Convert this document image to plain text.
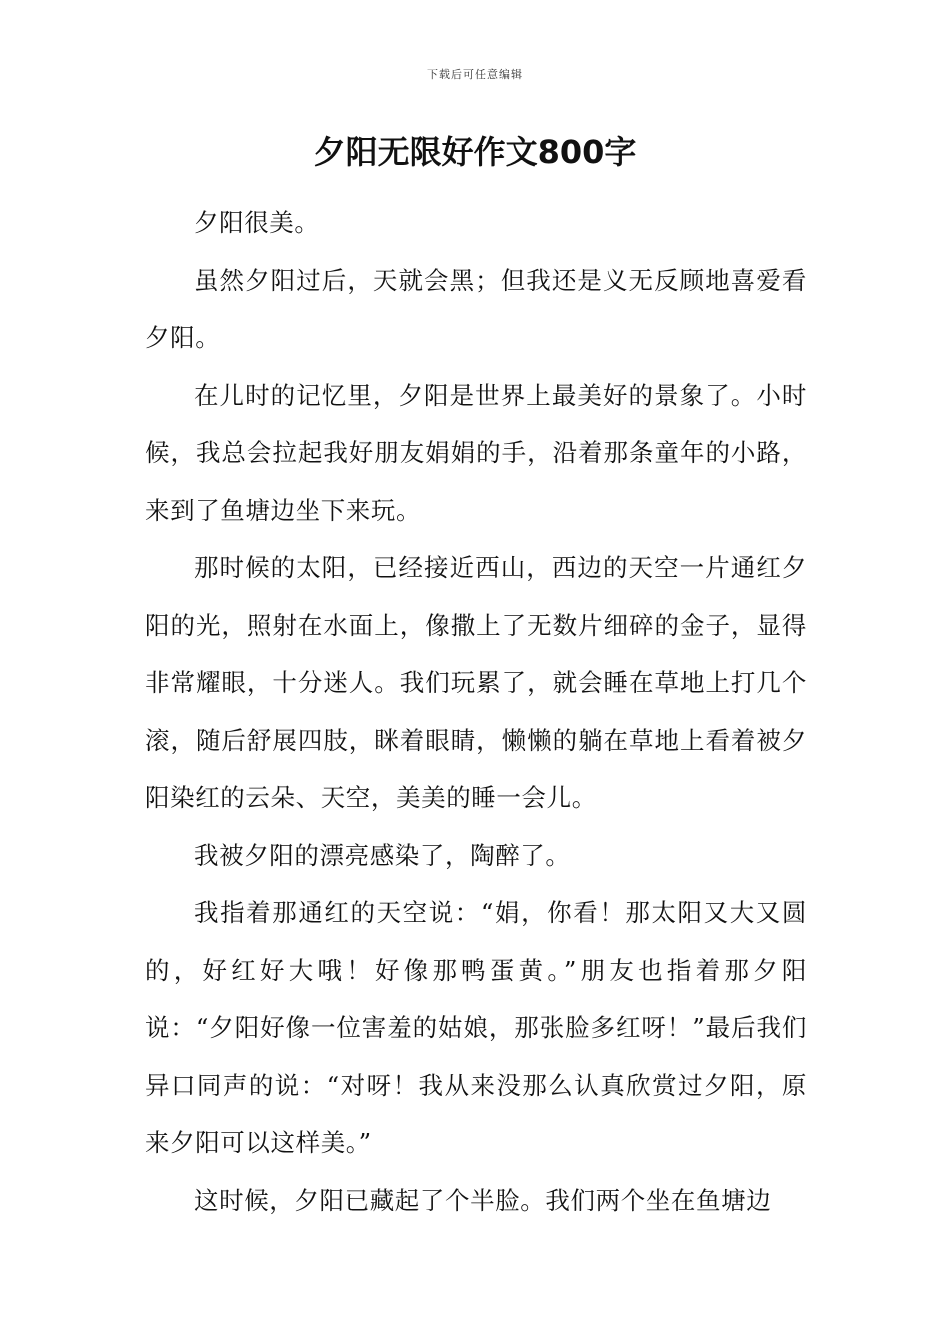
下载后可任意编辑
夕阳无限好作文800字

夕阳很美。

虽然夕阳过后，天就会黑；但我还是义无反顾地喜爱看夕阳。

在儿时的记忆里，夕阳是世界上最美好的景象了。小时候，我总会拉起我好朋友娟娟的手，沿着那条童年的小路，来到了鱼塘边坐下来玩。

那时候的太阳，已经接近西山，西边的天空一片通红夕阳的光，照射在水面上，像撒上了无数片细碎的金子，显得非常耀眼，十分迷人。我们玩累了，就会睡在草地上打几个滚，随后舒展四肢，眯着眼睛，懒懒的躺在草地上看着被夕阳染红的云朵、天空，美美的睡一会儿。

我被夕阳的漂亮感染了，陶醉了。

我指着那通红的天空说：“娟，你看！那太阳又大又圆的，好红好大哦！好像那鸭蛋黄。”朋友也指着那夕阳说：“夕阳好像一位害羞的姑娘，那张脸多红呀！”最后我们异口同声的说：“对呀！我从来没那么认真欣赏过夕阳，原来夕阳可以这样美。”

这时候，夕阳已藏起了个半脸。我们两个坐在鱼塘边
